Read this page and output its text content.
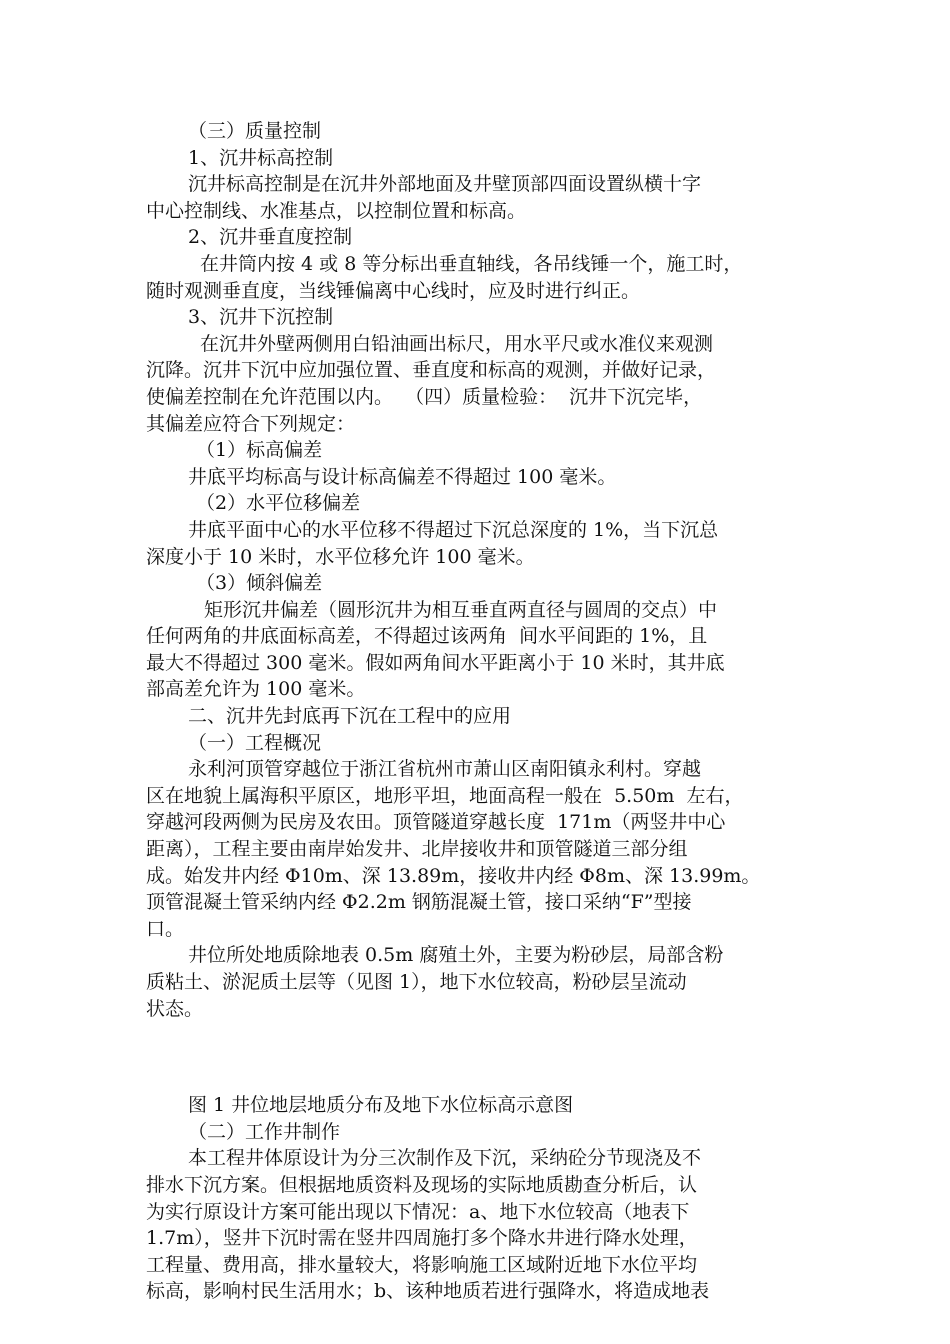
（三）质量控制
1、沉井标高控制
沉井标高控制是在沉井外部地面及井壁顶部四面设置纵横十字
中心控制线、水准基点，以控制位置和标高。
2、沉井垂直度控制
在井筒内按 4 或 8 等分标出垂直轴线，各吊线锤一个，施工时，
随时观测垂直度，当线锤偏离中心线时，应及时进行纠正。
3、沉井下沉控制
在沉井外壁两侧用白铅油画出标尺，用水平尺或水准仪来观测
沉降。沉井下沉中应加强位置、垂直度和标高的观测，并做好记录，
使偏差控制在允许范围以内。  （四）质量检验：  沉井下沉完毕，
其偏差应符合下列规定：
（1）标高偏差
井底平均标高与设计标高偏差不得超过 100 毫米。
（2）水平位移偏差
井底平面中心的水平位移不得超过下沉总深度的 1%，当下沉总
深度小于 10 米时，水平位移允许 100 毫米。
（3）倾斜偏差
矩形沉井偏差（圆形沉井为相互垂直两直径与圆周的交点）中
任何两角的井底面标高差，不得超过该两角  间水平间距的 1%，且
最大不得超过 300 毫米。假如两角间水平距离小于 10 米时，其井底
部高差允许为 100 毫米。
二、沉井先封底再下沉在工程中的应用
（一）工程概况
永利河顶管穿越位于浙江省杭州市萧山区南阳镇永利村。穿越
区在地貌上属海积平原区，地形平坦，地面高程一般在  5.50m  左右，
穿越河段两侧为民房及农田。顶管隧道穿越长度  171m（两竖井中心
距离），工程主要由南岸始发井、北岸接收井和顶管隧道三部分组
成。始发井内经 Φ10m、深 13.89m，接收井内经 Φ8m、深 13.99m。
顶管混凝土管采纳内经 Φ2.2m 钢筋混凝土管，接口采纳“F”型接
口。
井位所处地质除地表 0.5m 腐殖土外，主要为粉砂层，局部含粉
质粘土、淤泥质土层等（见图 1），地下水位较高，粉砂层呈流动
状态。
图 1 井位地层地质分布及地下水位标高示意图
（二）工作井制作
本工程井体原设计为分三次制作及下沉，采纳砼分节现浇及不
排水下沉方案。但根据地质资料及现场的实际地质勘查分析后，认
为实行原设计方案可能出现以下情况：a、地下水位较高（地表下
1.7m），竖井下沉时需在竖井四周施打多个降水井进行降水处理，
工程量、费用高，排水量较大，将影响施工区域附近地下水位平均
标高，影响村民生活用水；b、该种地质若进行强降水，将造成地表
